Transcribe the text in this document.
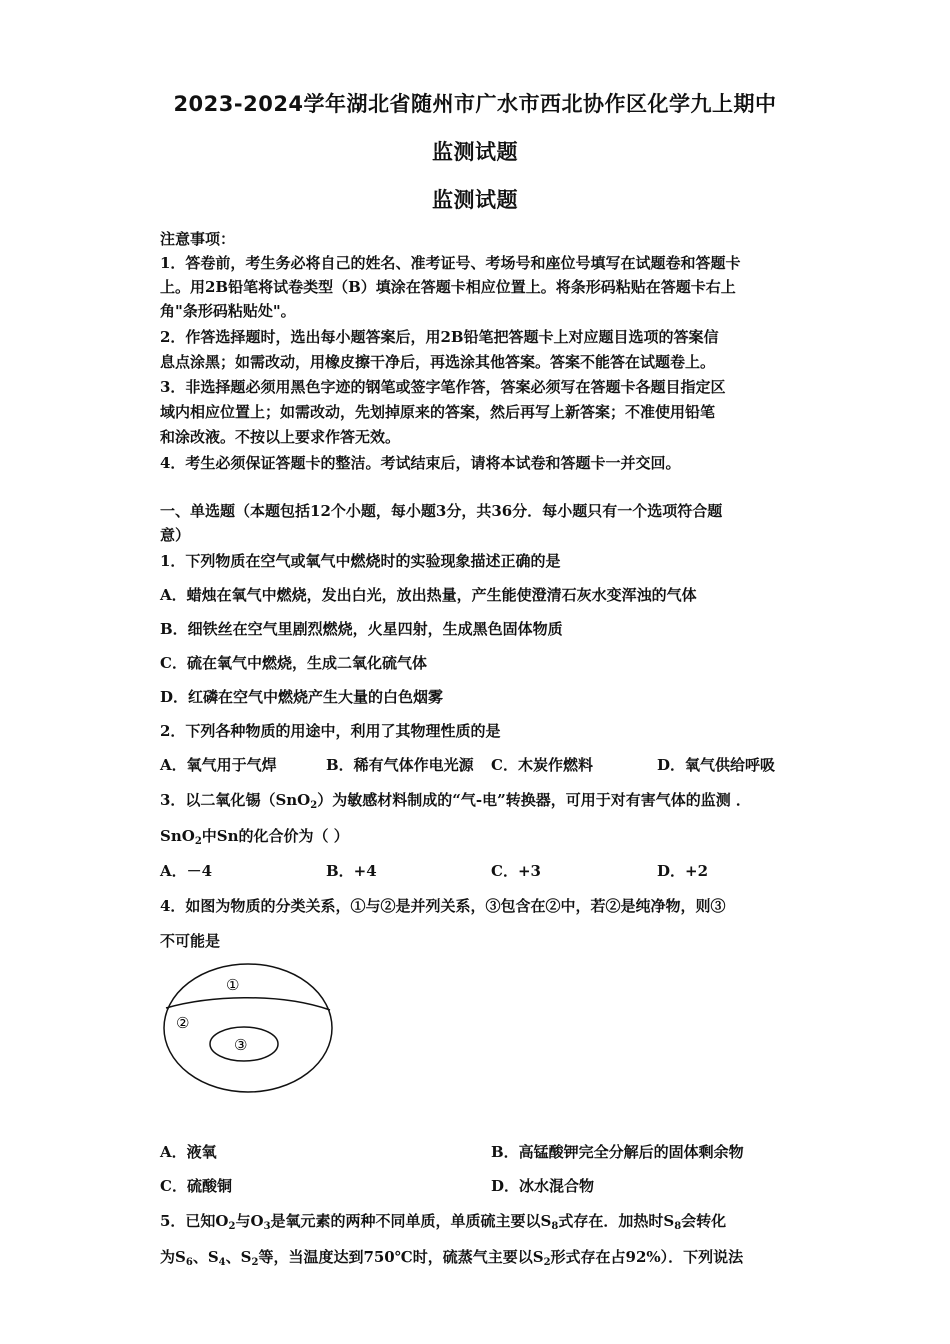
2023-2024学年湖北省随州市广水市西北协作区化学九上期中
监测试题
监测试题
注意事项：
1．答卷前，考生务必将自己的姓名、准考证号、考场号和座位号填写在试题卷和答题卡
上。用2B铅笔将试卷类型（B）填涂在答题卡相应位置上。将条形码粘贴在答题卡右上
角"条形码粘贴处"。
2．作答选择题时，选出每小题答案后，用2B铅笔把答题卡上对应题目选项的答案信
息点涂黑；如需改动，用橡皮擦干净后，再选涂其他答案。答案不能答在试题卷上。
3．非选择题必须用黑色字迹的钢笔或签字笔作答，答案必须写在答题卡各题目指定区
域内相应位置上；如需改动，先划掉原来的答案，然后再写上新答案；不准使用铅笔
和涂改液。不按以上要求作答无效。
4．考生必须保证答题卡的整洁。考试结束后，请将本试卷和答题卡一并交回。
一、单选题（本题包括12个小题，每小题3分，共36分．每小题只有一个选项符合题
意）
1．下列物质在空气或氧气中燃烧时的实验现象描述正确的是
A．蜡烛在氧气中燃烧，发出白光，放出热量，产生能使澄清石灰水变浑浊的气体
B．细铁丝在空气里剧烈燃烧，火星四射，生成黑色固体物质
C．硫在氧气中燃烧，生成二氧化硫气体
D．红磷在空气中燃烧产生大量的白色烟雾
2．下列各种物质的用途中，利用了其物理性质的是
A．氧气用于气焊	B．稀有气体作电光源 C．木炭作燃料	D．氧气供给呼吸
3．以二氧化锡（SnO$_2$）为敏感材料制成的“气-电”转换器，可用于对有害气体的监测 ．
SnO$_2$中Sn的化合价为（ ）
A．－4	B．+4	C．+3	D．+2
4．如图为物质的分类关系，①与②是并列关系，③包含在②中，若②是纯净物，则③
不可能是
①
②
③
A．液氧	B．高锰酸钾完全分解后的固体剩余物
C．硫酸铜	D．冰水混合物
5．已知$O_2$与$O_3$是氧元素的两种不同单质，单质硫主要以$S_8$式存在．加热时$S_8$会转化
为$S_6$、$S_4$、$S_2$等，当温度达到750℃时，硫蒸气主要以$S_2$形式存在占92%）．下列说法
